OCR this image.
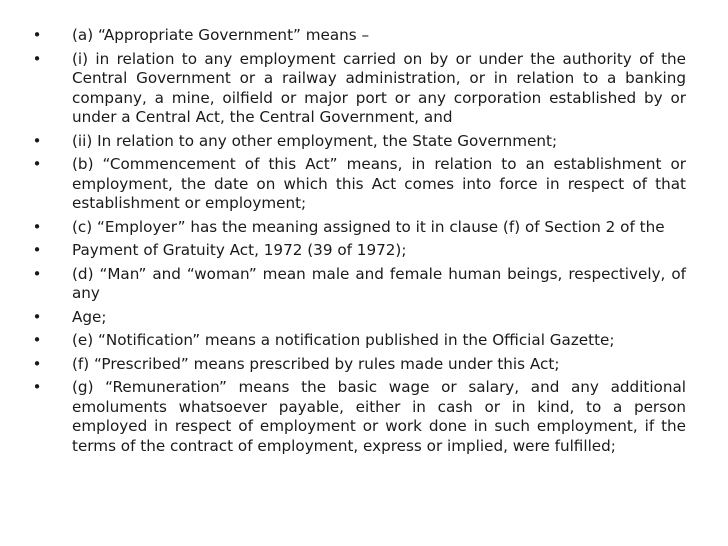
• (a) “Appropriate Government” means –
• (i) in relation to any employment carried on by or under the authority of the Central Government or a railway administration, or in relation to a banking company, a mine, oilfield or major port or any corporation established by or under a Central Act, the Central Government, and
• (ii) In relation to any other employment, the State Government;
• (b) “Commencement of this Act” means, in relation to an establishment or employment, the date on which this Act comes into force in respect of that establishment or employment;
• (c) “Employer” has the meaning assigned to it in clause (f) of Section 2 of the
• Payment of Gratuity Act, 1972 (39 of 1972);
• (d) “Man” and “woman” mean male and female human beings, respectively, of any
• Age;
• (e) “Notification” means a notification published in the Official Gazette;
• (f) “Prescribed” means prescribed by rules made under this Act;
• (g) “Remuneration” means the basic wage or salary, and any additional emoluments whatsoever payable, either in cash or in kind, to a person employed in respect of employment or work done in such employment, if the terms of the contract of employment, express or implied, were fulfilled;
